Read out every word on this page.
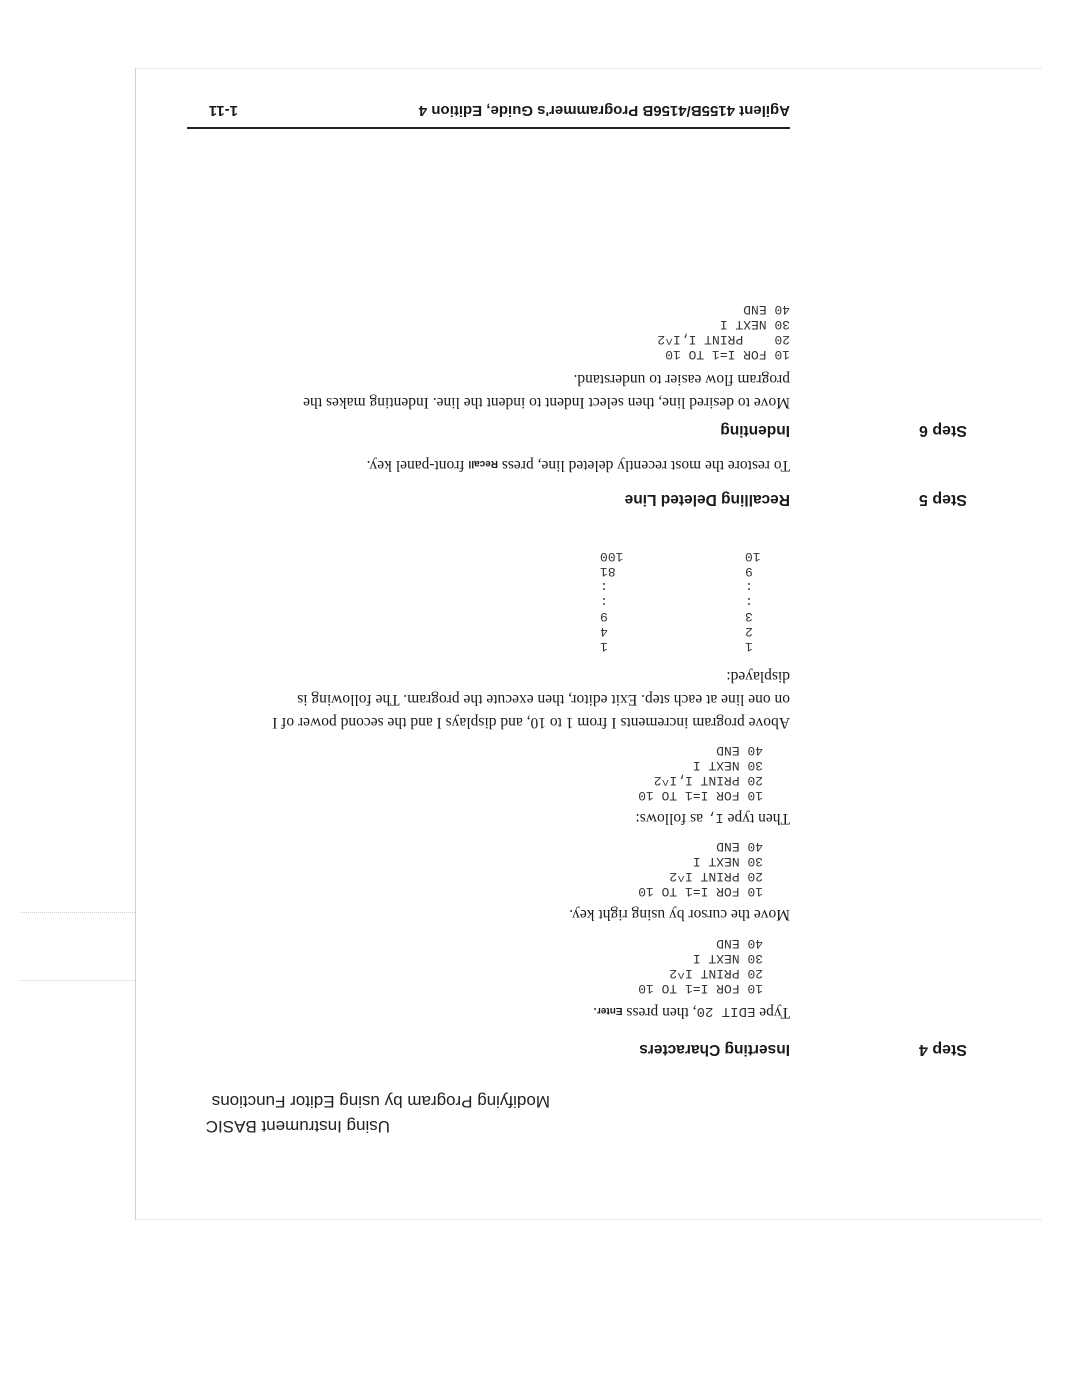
Using Instrument BASIC
Modifying Program by using Editor Functions
Step 4
Inserting Characters
Type EDIT 20, then press Enter.
10 FOR I=1 TO 10
20 PRINT I^2
30 NEXT I
40 END
Move the cursor by using right key.
10 FOR I=1 TO 10
20 PRINT I^2
30 NEXT I
40 END
Then type I, as follows:
10 FOR I=1 TO 10
20 PRINT I,I^2
30 NEXT I
40 END
Above program increments I from 1 to 10, and displays I and the second power of I
on one line at each step. Exit editor, then execute the program. The following is
displayed:
1
2
3
:
:
9
10
1
4
9
:
:
81
100
Step 5
Recalling Deleted Line
To restore the most recently deleted line, press Recall front-panel key.
Step 6
Indenting
Move to desired line, then select Indent to indent the line. Indenting makes the
program flow easier to understand.
10 FOR I=1 TO 10
20    PRINT I,I^2
30 NEXT I
40 END
Agilent 4155B/4156B Programmer's Guide, Edition 4
1-11
